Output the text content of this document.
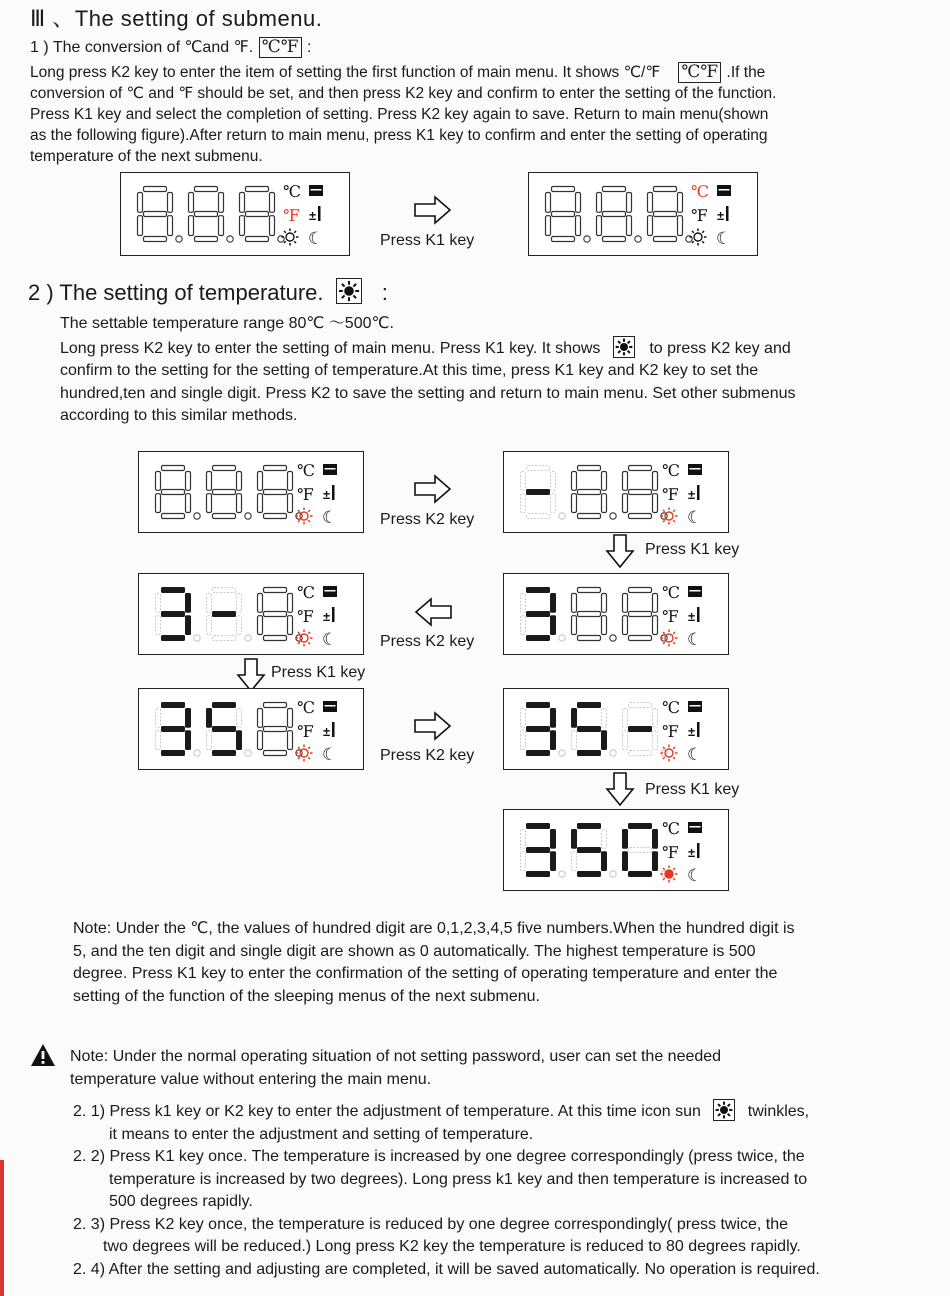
Ⅲ 、The setting of submenu.
1 ) The conversion of ℃and ℉. ℃℉ :
Long press K2 key to enter the item of setting the first function of main menu. It shows ℃/℉ ℃℉ .If the
conversion of ℃ and ℉ should be set, and then press K2 key and confirm to enter the setting of the function.
Press K1 key and select the completion of setting. Press K2 key again to save. Return to main menu(shown
as the following figure).After return to main menu, press K1 key to confirm and enter the setting of operating
temperature of the next submenu.
℃
℉ ±
☾	Press K1 key
℃
℉ ±
☾
2 ) The setting of temperature.	:
The settable temperature range 80℃ ～500℃.
Long press K2 key to enter the setting of main menu. Press K1 key. It shows	to press K2 key and
confirm to the setting for the setting of temperature.At this time, press K1 key and K2 key to set the
hundred,ten and single digit. Press K2 to save the setting and return to main menu. Set other submenus
according to this similar methods.
℃
℉ ±
☾	Press K2 key
℃
℉ ±
☾
Press K1 key
℃
℉ ±
☾	Press K2 key
℃
℉ ±
☾
Press K1 key
℃
℉ ±
☾	Press K2 key
℃
℉ ±
☾
Press K1 key
℃
℉ ±
☾
Note: Under the ℃, the values of hundred digit are 0,1,2,3,4,5 five numbers.When the hundred digit is
5, and the ten digit and single digit are shown as 0 automatically. The highest temperature is 500
degree. Press K1 key to enter the confirmation of the setting of operating temperature and enter the
setting of the function of the sleeping menus of the next submenu.
Note: Under the normal operating situation of not setting password, user can set the needed
temperature value without entering the main menu.
2. 1) Press k1 key or K2 key to enter the adjustment of temperature. At this time icon sun	twinkles,
it means to enter the adjustment and setting of temperature.
2. 2) Press K1 key once. The temperature is increased by one degree correspondingly (press twice, the
temperature is increased by two degrees). Long press k1 key and then temperature is increased to
500 degrees rapidly.
2. 3) Press K2 key once, the temperature is reduced by one degree correspondingly( press twice, the
two degrees will be reduced.) Long press K2 key the temperature is reduced to 80 degrees rapidly.
2. 4) After the setting and adjusting are completed, it will be saved automatically. No operation is required.
